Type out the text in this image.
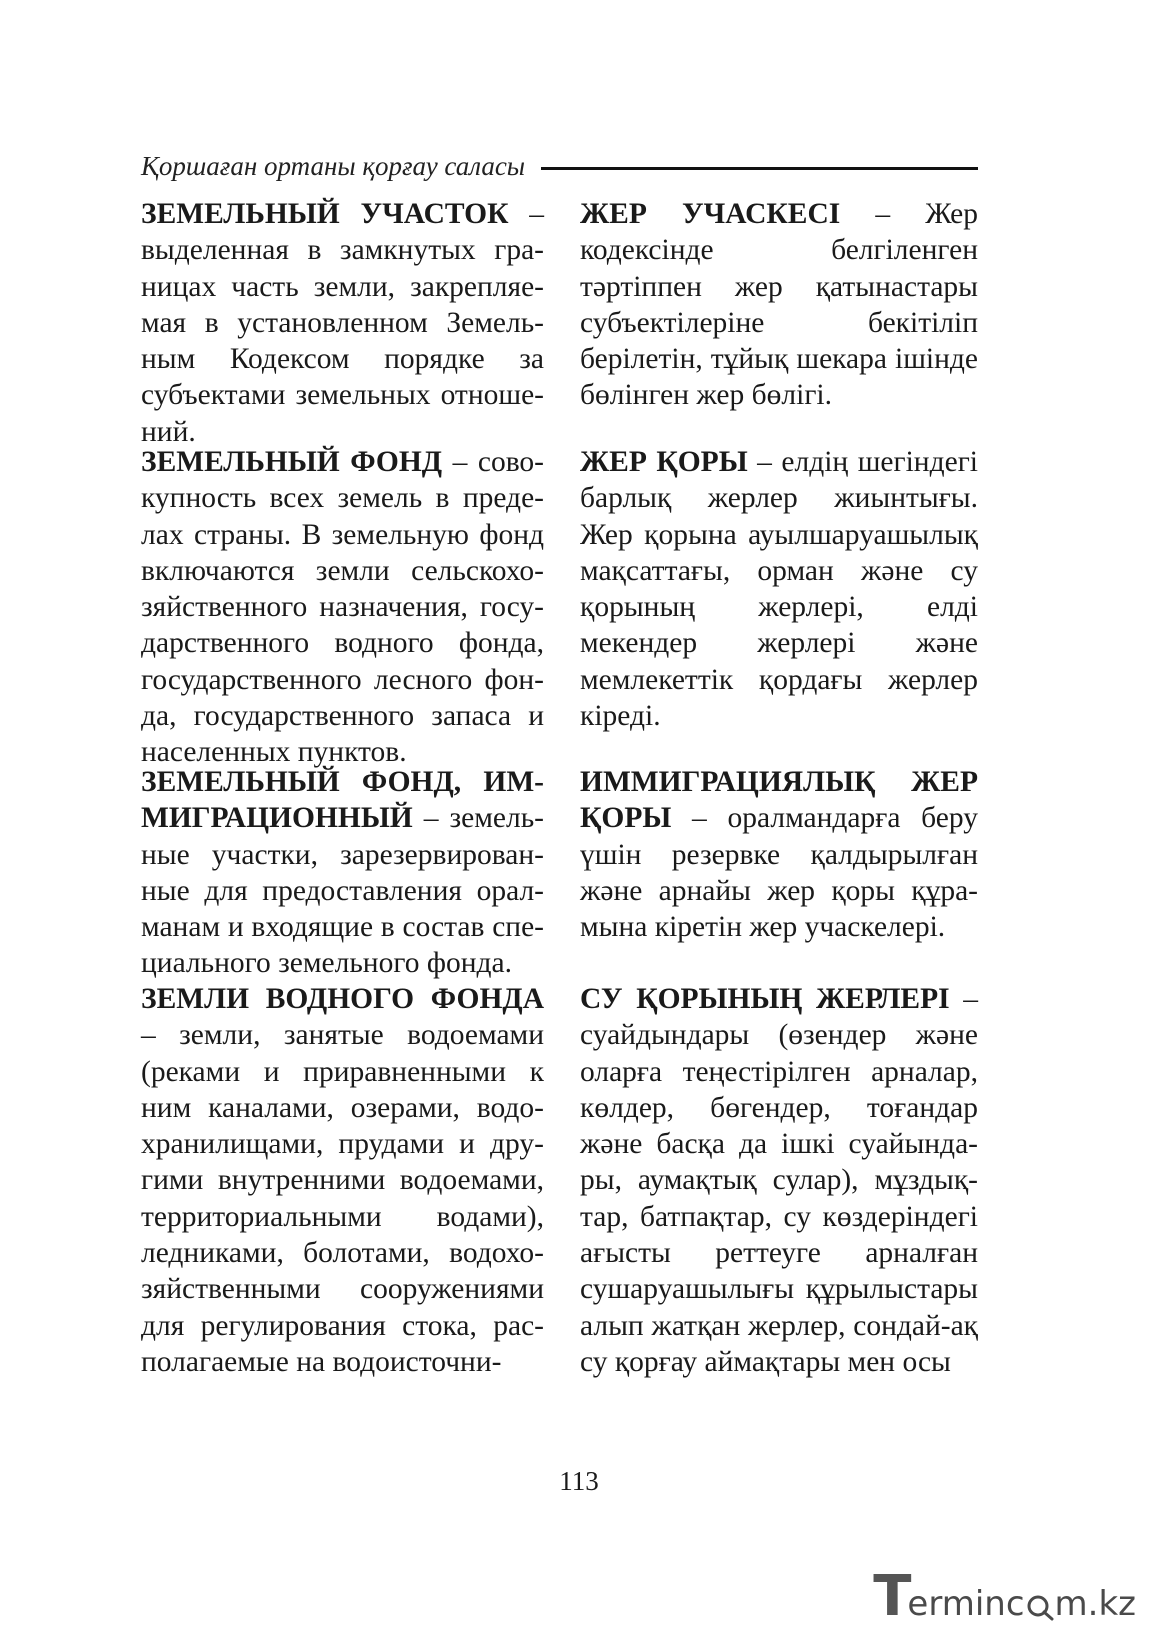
Қоршаған ортаны қорғау саласы

ЗЕМЕЛЬНЫЙ УЧАСТОК – выделенная в замкнутых границах часть земли, закрепляемая в установленном Земельным Кодексом порядке за субъектами земельных отношений.

ЗЕМЕЛЬНЫЙ ФОНД – совокупность всех земель в пределах страны. В земельную фонд включаются земли сельскохозяйственного назначения, государственного водного фонда, государственного лесного фонда, государственного запаса и населенных пунктов.

ЗЕМЕЛЬНЫЙ ФОНД, ИММИГРАЦИОННЫЙ – земельные участки, зарезервированные для предоставления оралманам и входящие в состав специального земельного фонда.

ЗЕМЛИ ВОДНОГО ФОНДА – земли, занятые водоемами (реками и приравненными к ним каналами, озерами, водохранилищами, прудами и другими внутренними водоемами, территориальными водами), ледниками, болотами, водохозяйственными сооружениями для регулирования стока, располагаемые на водоисточни-

ЖЕР УЧАСКЕСІ – Жер кодексінде белгіленген тәртіппен жер қатынастары субъектілеріне бекітіліп берілетін, тұйық шекара ішінде бөлінген жер бөлігі.

ЖЕР ҚОРЫ – елдің шегіндегі барлық жерлер жиынтығы. Жер қорына ауылшаруашылық мақсаттағы, орман және су қорының жерлері, елді мекендер жерлері және мемлекеттік қордағы жерлер кіреді.

ИММИГРАЦИЯЛЫҚ ЖЕР ҚОРЫ – оралмандарға беру үшін резервке қалдырылған және арнайы жер қоры құрамына кіретін жер учаскелері.

СУ ҚОРЫНЫҢ ЖЕРЛЕРІ – суайдындары (өзендер және оларға теңестірілген арналар, көлдер, бөгендер, тоғандар және басқа да ішкі суайындары, аумақтық сулар), мұздықтар, батпақтар, су көздеріндегі ағысты реттеуге арналған сушаруашылығы құрылыстары алып жатқан жерлер, сондай-ақ су қорғау аймақтары мен осы

113
T erminc m.kz
